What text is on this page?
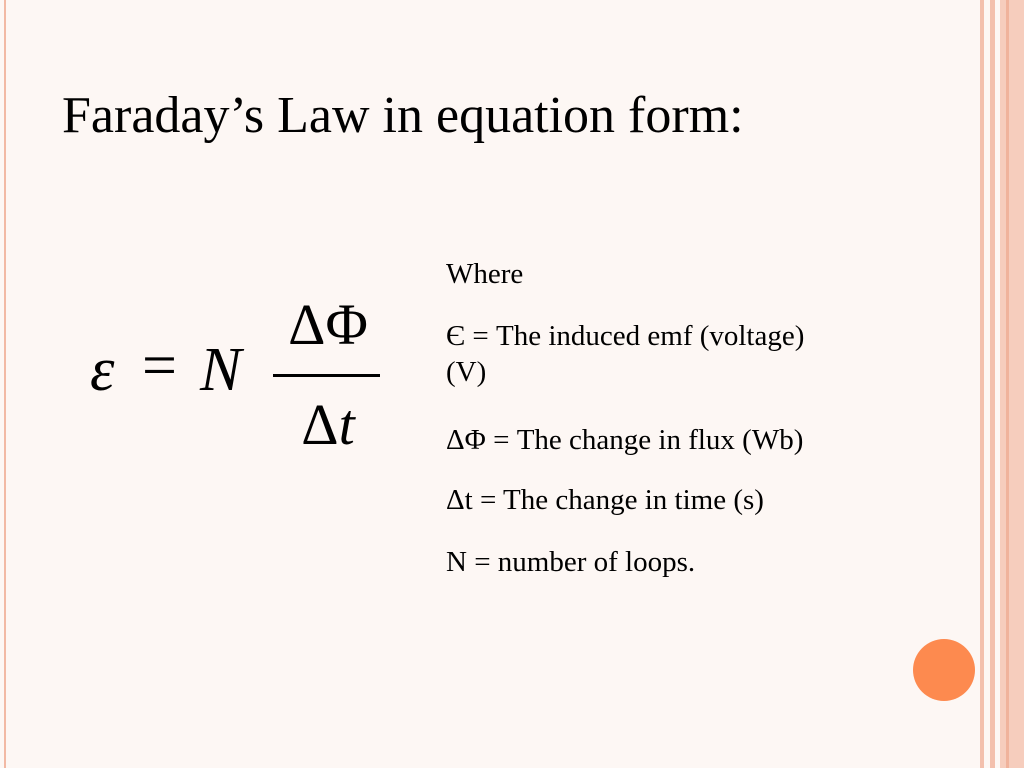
Faraday’s Law in equation form:
ε = N
ΔΦ
Δt
Where
Є = The induced emf (voltage)
(V)
ΔΦ = The change in flux (Wb)
Δt = The change in time (s)
N = number of loops.
